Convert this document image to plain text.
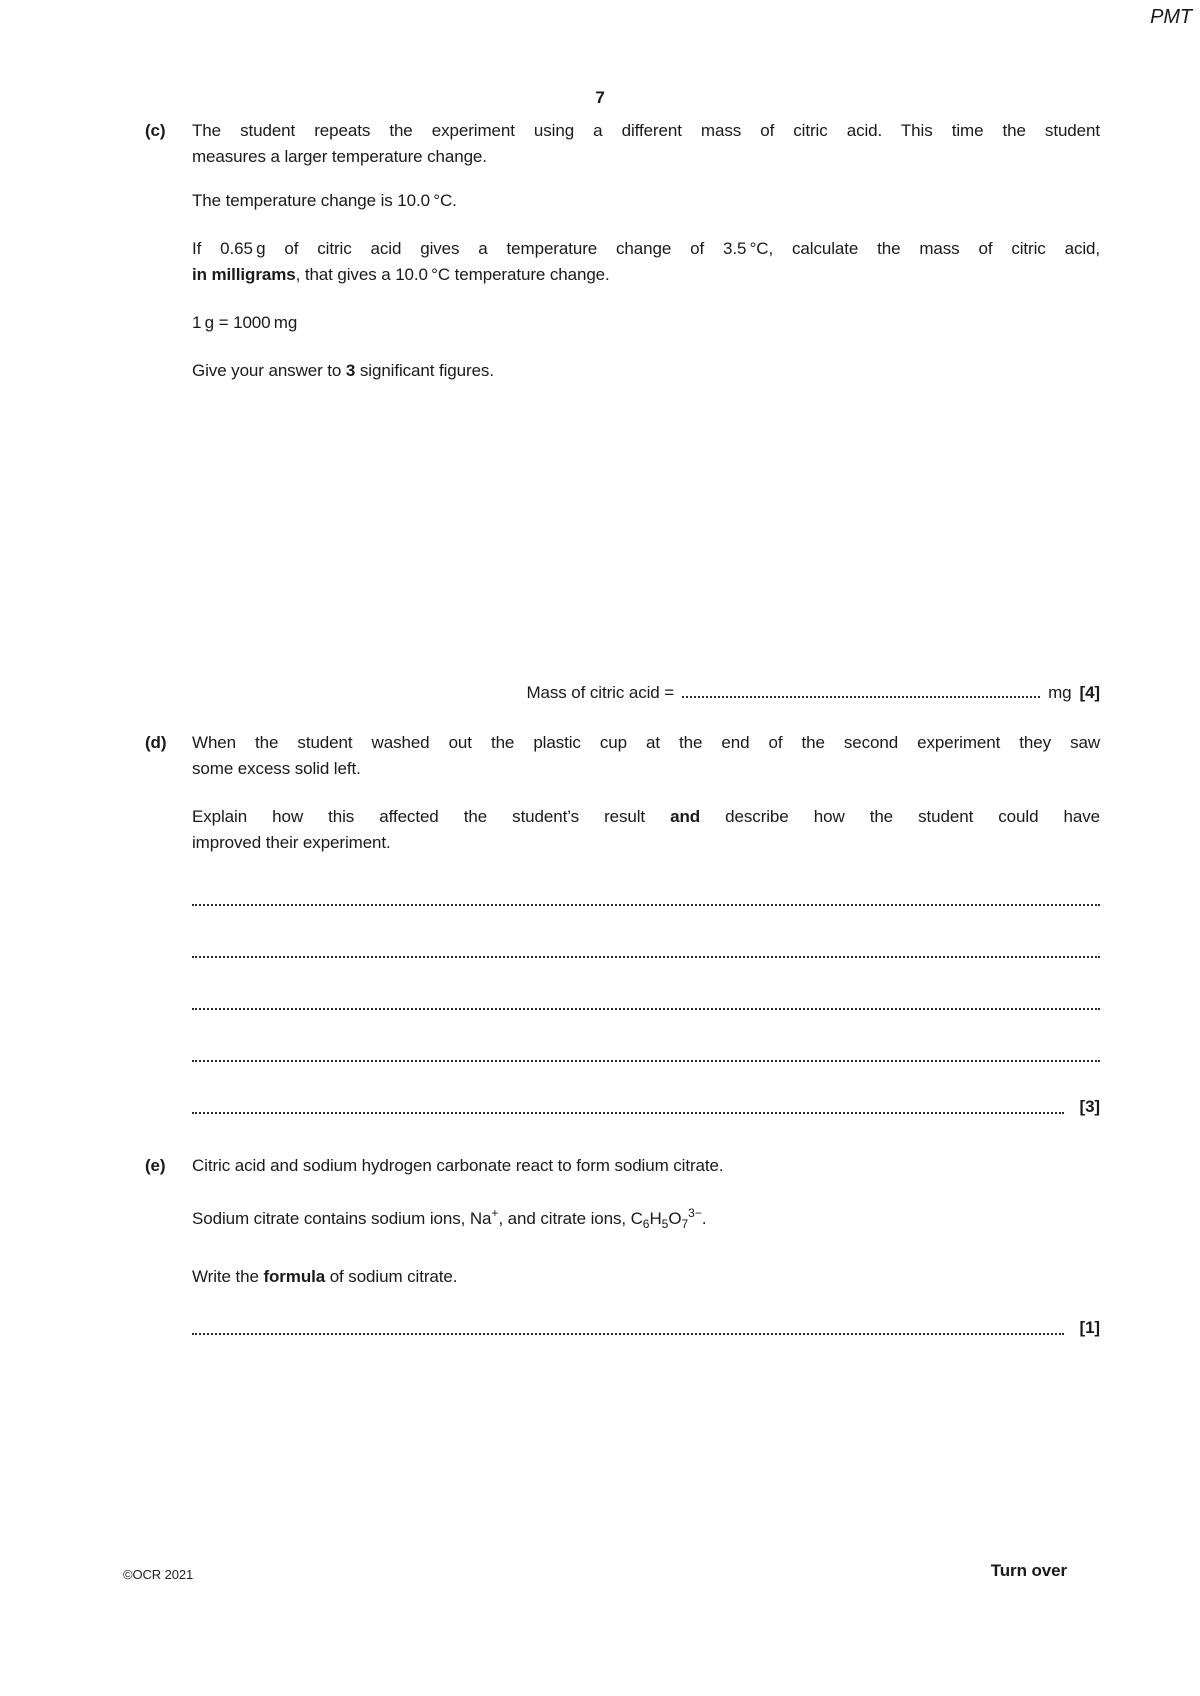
PMT
7
(c)	The student repeats the experiment using a different mass of citric acid. This time the student
measures a larger temperature change.
The temperature change is 10.0 °C.
If 0.65 g of citric acid gives a temperature change of 3.5 °C, calculate the mass of citric acid,
in milligrams, that gives a 10.0 °C temperature change.
1 g = 1000 mg
Give your answer to 3 significant figures.
Mass of citric acid =	mg [4]
(d)	When the student washed out the plastic cup at the end of the second experiment they saw
some excess solid left.
Explain how this affected the student’s result and describe how the student could have
improved their experiment.
[3]
(e)	Citric acid and sodium hydrogen carbonate react to form sodium citrate.
Sodium citrate contains sodium ions, Na+, and citrate ions, $C_6H_5O_7^{3-}$.
Write the formula of sodium citrate.
[1]
©OCR 2021	Turn over
